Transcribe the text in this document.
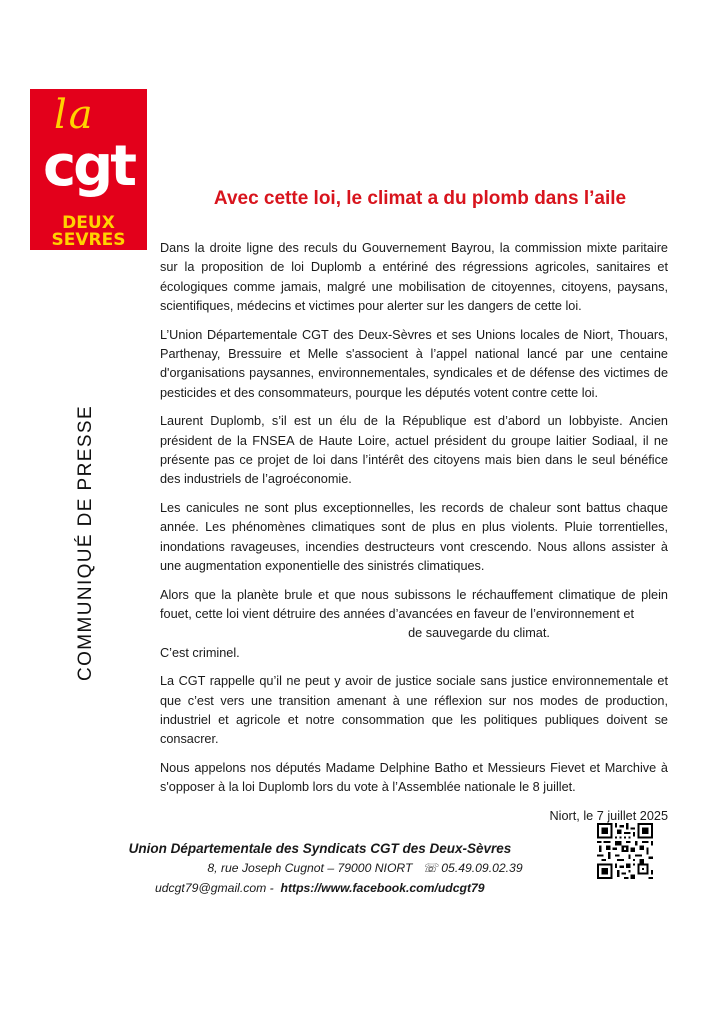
la
cgt
DEUX
SEVRES
COMMUNIQUÉ DE PRESSE
Avec cette loi, le climat a du plomb dans l’aile

Dans la droite ligne des reculs du Gouvernement Bayrou, la commission mixte paritaire sur la proposition de loi Duplomb a entériné des régressions agricoles, sanitaires et écologiques comme jamais, malgré une mobilisation de citoyennes, citoyens, paysans, scientifiques, médecins et victimes pour alerter sur les dangers de cette loi.

L’Union Départementale CGT des Deux-Sèvres et ses Unions locales de Niort, Thouars, Parthenay, Bressuire et Melle s'associent à l’appel national lancé par une centaine d'organisations paysannes, environnementales, syndicales et de défense des victimes de pesticides et des consommateurs, pourque les députés votent contre cette loi.

Laurent Duplomb, s’il est un élu de la République est d’abord un lobbyiste. Ancien président de la FNSEA de Haute Loire, actuel président du groupe laitier Sodiaal, il ne présente pas ce projet de loi dans l’intérêt des citoyens mais bien dans le seul bénéfice des industriels de l’agroéconomie.

Les canicules ne sont plus exceptionnelles, les records de chaleur sont battus chaque année. Les phénomènes climatiques sont de plus en plus violents. Pluie torrentielles, inondations ravageuses, incendies destructeurs vont crescendo. Nous allons assister à une augmentation exponentielle des sinistrés climatiques.

Alors que la planète brule et que nous subissons le réchauffement climatique de plein fouet, cette loi vient détruire des années d’avancées en faveur de l’environnement et
de sauvegarde du climat.

C’est criminel.

La CGT rappelle qu’il ne peut y avoir de justice sociale sans justice environnementale et que c’est vers une transition amenant à une réflexion sur nos modes de production, industriel et agricole et notre consommation que les politiques publiques doivent se consacrer.

Nous appelons nos députés Madame Delphine Batho et Messieurs Fievet et Marchive à s'opposer à la loi Duplomb lors du vote à l’Assemblée nationale le 8 juillet.

Niort, le 7 juillet 2025

Union Départementale des Syndicats CGT des Deux-Sèvres
8, rue Joseph Cugnot – 79000 NIORT ☏ 05.49.09.02.39
udcgt79@gmail.com - https://www.facebook.com/udcgt79
